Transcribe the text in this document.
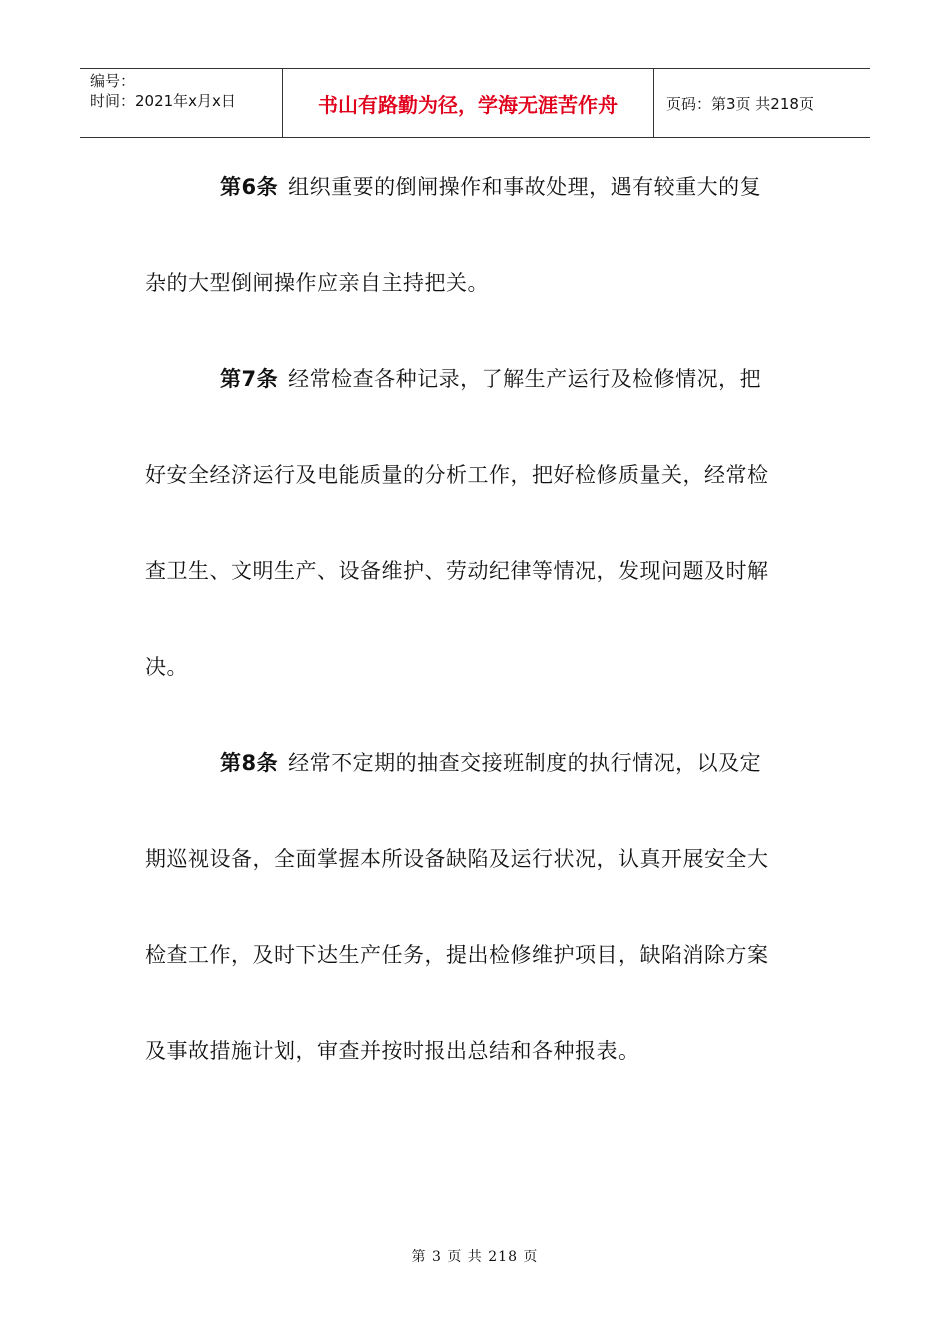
编号：
时间：2021年x月x日	书山有路勤为径，学海无涯苦作舟	页码：第3页 共218页
第6条 组织重要的倒闸操作和事故处理，遇有较重大的复
杂的大型倒闸操作应亲自主持把关。
第7条 经常检查各种记录，了解生产运行及检修情况，把
好安全经济运行及电能质量的分析工作，把好检修质量关，经常检
查卫生、文明生产、设备维护、劳动纪律等情况，发现问题及时解
决。
第8条 经常不定期的抽查交接班制度的执行情况，以及定
期巡视设备，全面掌握本所设备缺陷及运行状况，认真开展安全大
检查工作，及时下达生产任务，提出检修维护项目，缺陷消除方案
及事故措施计划，审查并按时报出总结和各种报表。
第 3 页 共 218 页
